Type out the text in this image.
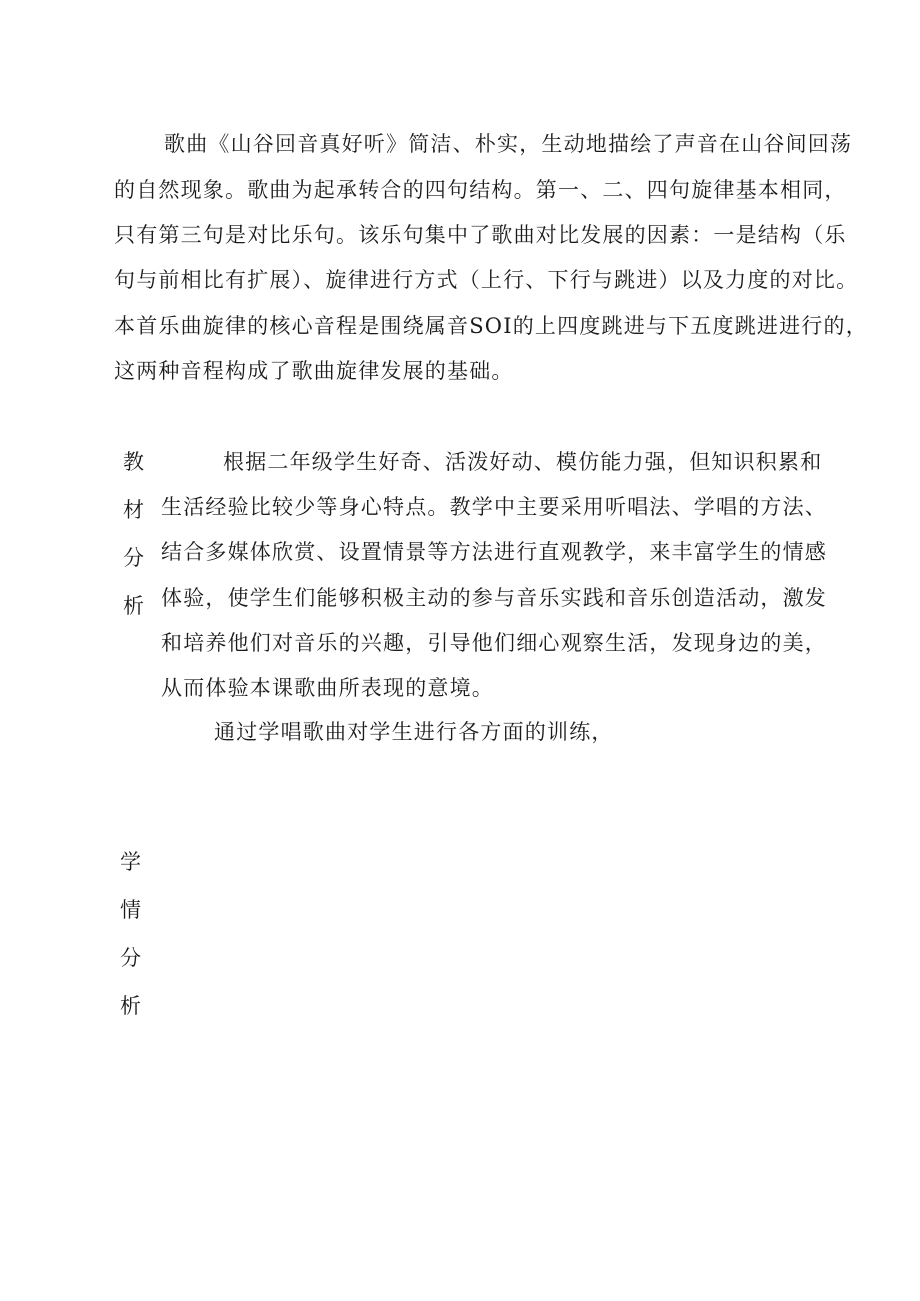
歌曲《山谷回音真好听》简洁、朴实，生动地描绘了声音在山谷间回荡
的自然现象。歌曲为起承转合的四句结构。第一、二、四句旋律基本相同，
只有第三句是对比乐句。该乐句集中了歌曲对比发展的因素：一是结构（乐
句与前相比有扩展）、旋律进行方式（上行、下行与跳进）以及力度的对比。
本首乐曲旋律的核心音程是围绕属音SOI的上四度跳进与下五度跳进进行的，
这两种音程构成了歌曲旋律发展的基础。
教
材
分
析
根据二年级学生好奇、活泼好动、模仿能力强，但知识积累和
生活经验比较少等身心特点。教学中主要采用听唱法、学唱的方法、
结合多媒体欣赏、设置情景等方法进行直观教学，来丰富学生的情感
体验，使学生们能够积极主动的参与音乐实践和音乐创造活动，激发
和培养他们对音乐的兴趣，引导他们细心观察生活，发现身边的美，
从而体验本课歌曲所表现的意境。
通过学唱歌曲对学生进行各方面的训练，
学
情
分
析
